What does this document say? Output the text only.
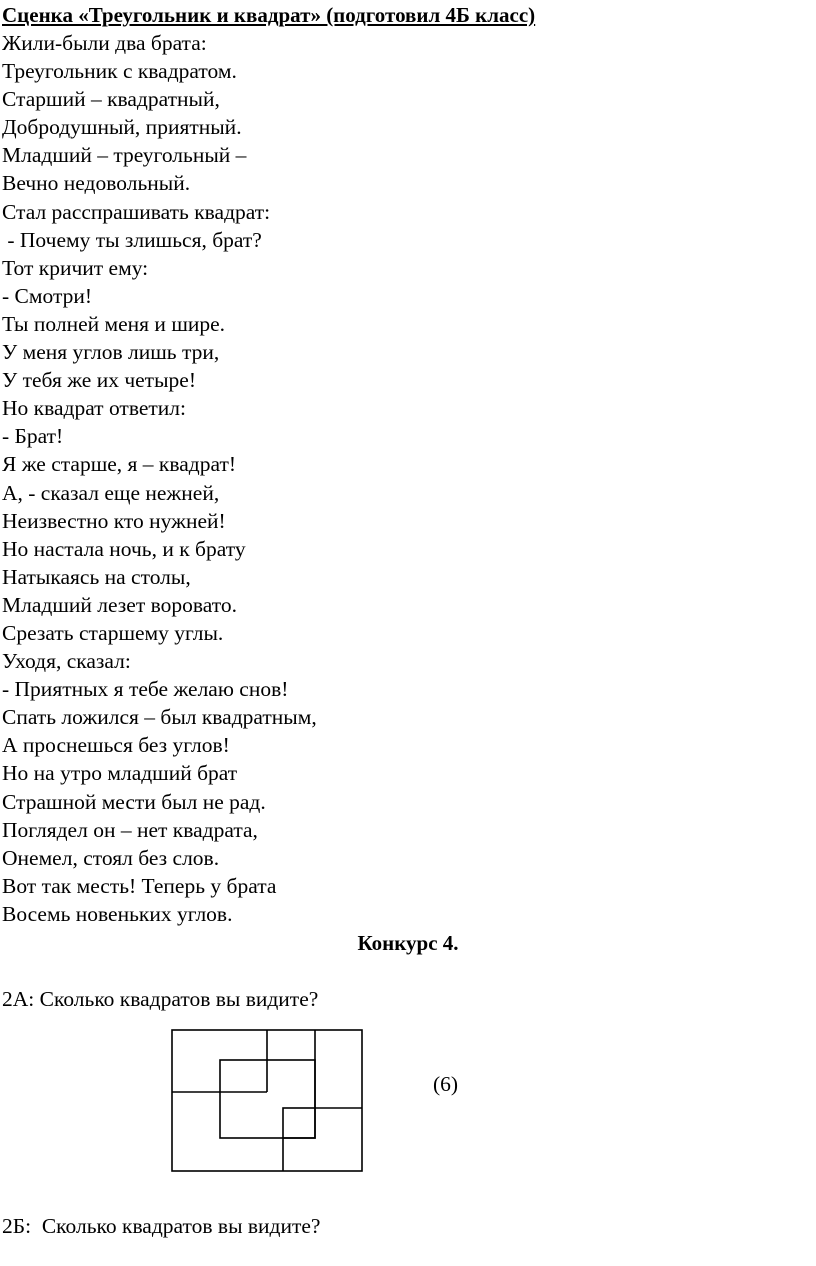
Сценка «Треугольник и квадрат» (подготовил 4Б класс)
Жили-были два брата:
Треугольник с квадратом.
Старший – квадратный,
Добродушный, приятный.
Младший – треугольный –
Вечно недовольный.
Стал расспрашивать квадрат:
- Почему ты злишься, брат?
Тот кричит ему:
- Смотри!
Ты полней меня и шире.
У меня углов лишь три,
У тебя же их четыре!
Но квадрат ответил:
- Брат!
Я же старше, я – квадрат!
А, - сказал еще нежней,
Неизвестно кто нужней!
Но настала ночь, и к брату
Натыкаясь на столы,
Младший лезет воровато.
Срезать старшему углы.
Уходя, сказал:
- Приятных я тебе желаю снов!
Спать ложился – был квадратным,
А проснешься без углов!
Но на утро младший брат
Страшной мести был не рад.
Поглядел он – нет квадрата,
Онемел, стоял без слов.
Вот так месть! Теперь у брата
Восемь новеньких углов.
Конкурс 4.
2А: Сколько квадратов вы видите?
(6)
2Б:  Сколько квадратов вы видите?
